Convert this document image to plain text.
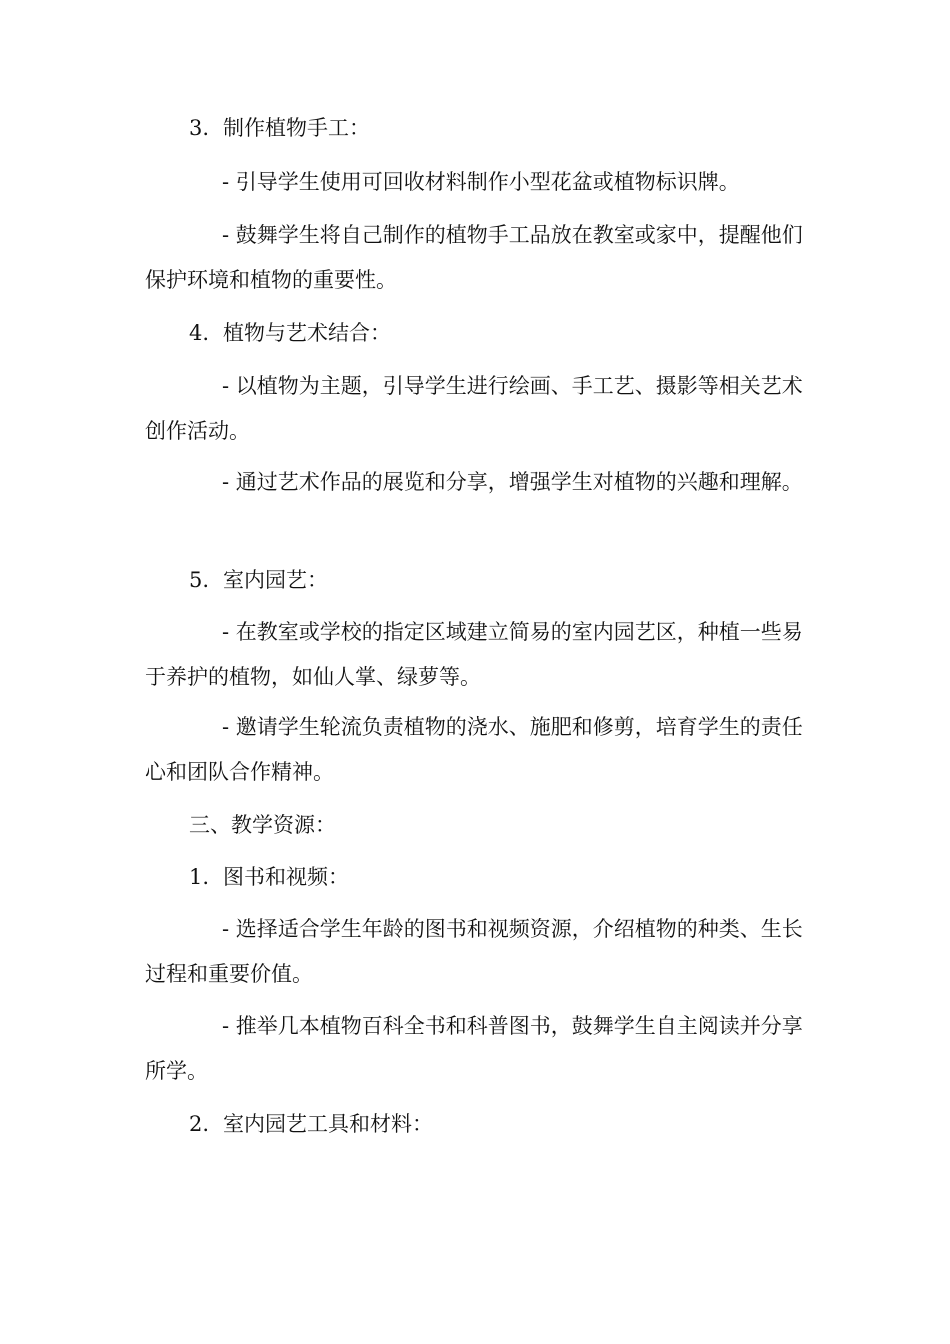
3. 制作植物手工：

- 引导学生使用可回收材料制作小型花盆或植物标识牌。

- 鼓舞学生将自己制作的植物手工品放在教室或家中，提醒他们保护环境和植物的重要性。

4. 植物与艺术结合：

- 以植物为主题，引导学生进行绘画、手工艺、摄影等相关艺术创作活动。

- 通过艺术作品的展览和分享，增强学生对植物的兴趣和理解。

5. 室内园艺：

- 在教室或学校的指定区域建立简易的室内园艺区，种植一些易于养护的植物，如仙人掌、绿萝等。

- 邀请学生轮流负责植物的浇水、施肥和修剪，培育学生的责任心和团队合作精神。

三、教学资源：

1. 图书和视频：

- 选择适合学生年龄的图书和视频资源，介绍植物的种类、生长过程和重要价值。

- 推举几本植物百科全书和科普图书，鼓舞学生自主阅读并分享所学。

2. 室内园艺工具和材料：
